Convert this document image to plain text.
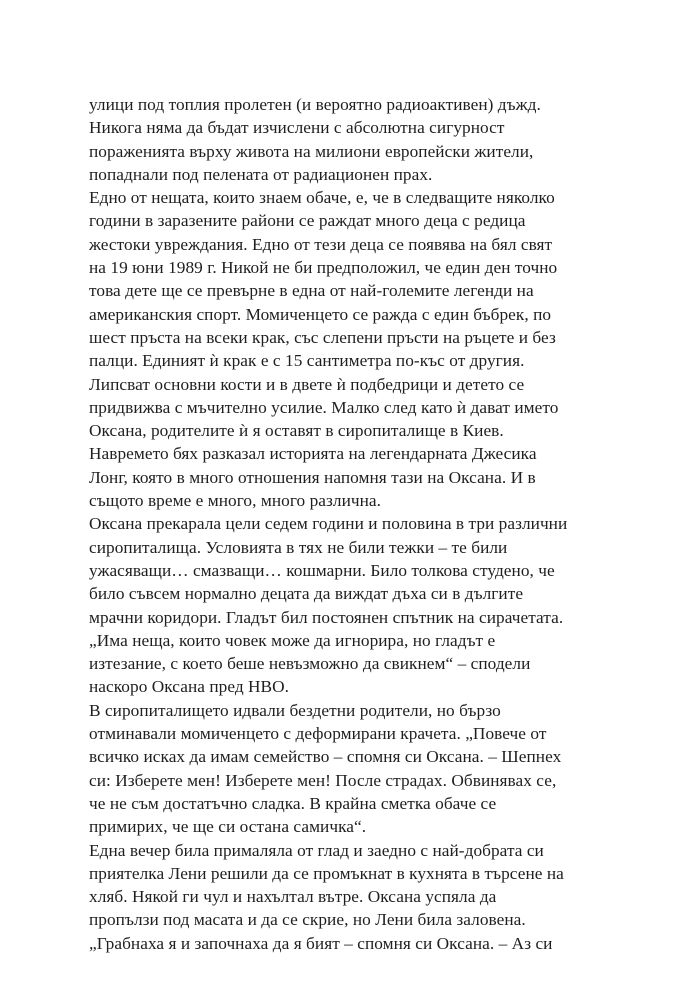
улици под топлия пролетен (и вероятно радиоактивен) дъжд.
Никога няма да бъдат изчислени с абсолютна сигурност
пораженията върху живота на милиони европейски жители,
попаднали под пелената от радиационен прах.
Едно от нещата, които знаем обаче, е, че в следващите няколко
години в заразените райони се раждат много деца с редица
жестоки увреждания. Едно от тези деца се появява на бял свят
на 19 юни 1989 г. Никой не би предположил, че един ден точно
това дете ще се превърне в една от най-големите легенди на
американския спорт. Момиченцето се ражда с един бъбрек, по
шест пръста на всеки крак, със слепени пръсти на ръцете и без
палци. Единият ѝ крак е с 15 сантиметра по-къс от другия.
Липсват основни кости и в двете ѝ подбедрици и детето се
придвижва с мъчително усилие. Малко след като ѝ дават името
Оксана, родителите ѝ я оставят в сиропиталище в Киев.
Навремето бях разказал историята на легендарната Джесика
Лонг, която в много отношения напомня тази на Оксана. И в
същото време е много, много различна.
Оксана прекарала цели седем години и половина в три различни
сиропиталища. Условията в тях не били тежки – те били
ужасяващи… смазващи… кошмарни. Било толкова студено, че
било съвсем нормално децата да виждат дъха си в дългите
мрачни коридори. Гладът бил постоянен спътник на сирачетата.
„Има неща, които човек може да игнорира, но гладът е
изтезание, с което беше невъзможно да свикнем“ – сподели
наскоро Оксана пред HBO.
В сиропиталището идвали бездетни родители, но бързо
отминавали момиченцето с деформирани крачета. „Повече от
всичко исках да имам семейство – спомня си Оксана. – Шепнех
си: Изберете мен! Изберете мен! После страдах. Обвинявах се,
че не съм достатъчно сладка. В крайна сметка обаче се
примирих, че ще си остана самичка“.
Една вечер била прималяла от глад и заедно с най-добрата си
приятелка Лени решили да се промъкнат в кухнята в търсене на
хляб. Някой ги чул и нахълтал вътре. Оксана успяла да
пропълзи под масата и да се скрие, но Лени била заловена.
„Грабнаха я и започнаха да я бият – спомня си Оксана. – Аз си
